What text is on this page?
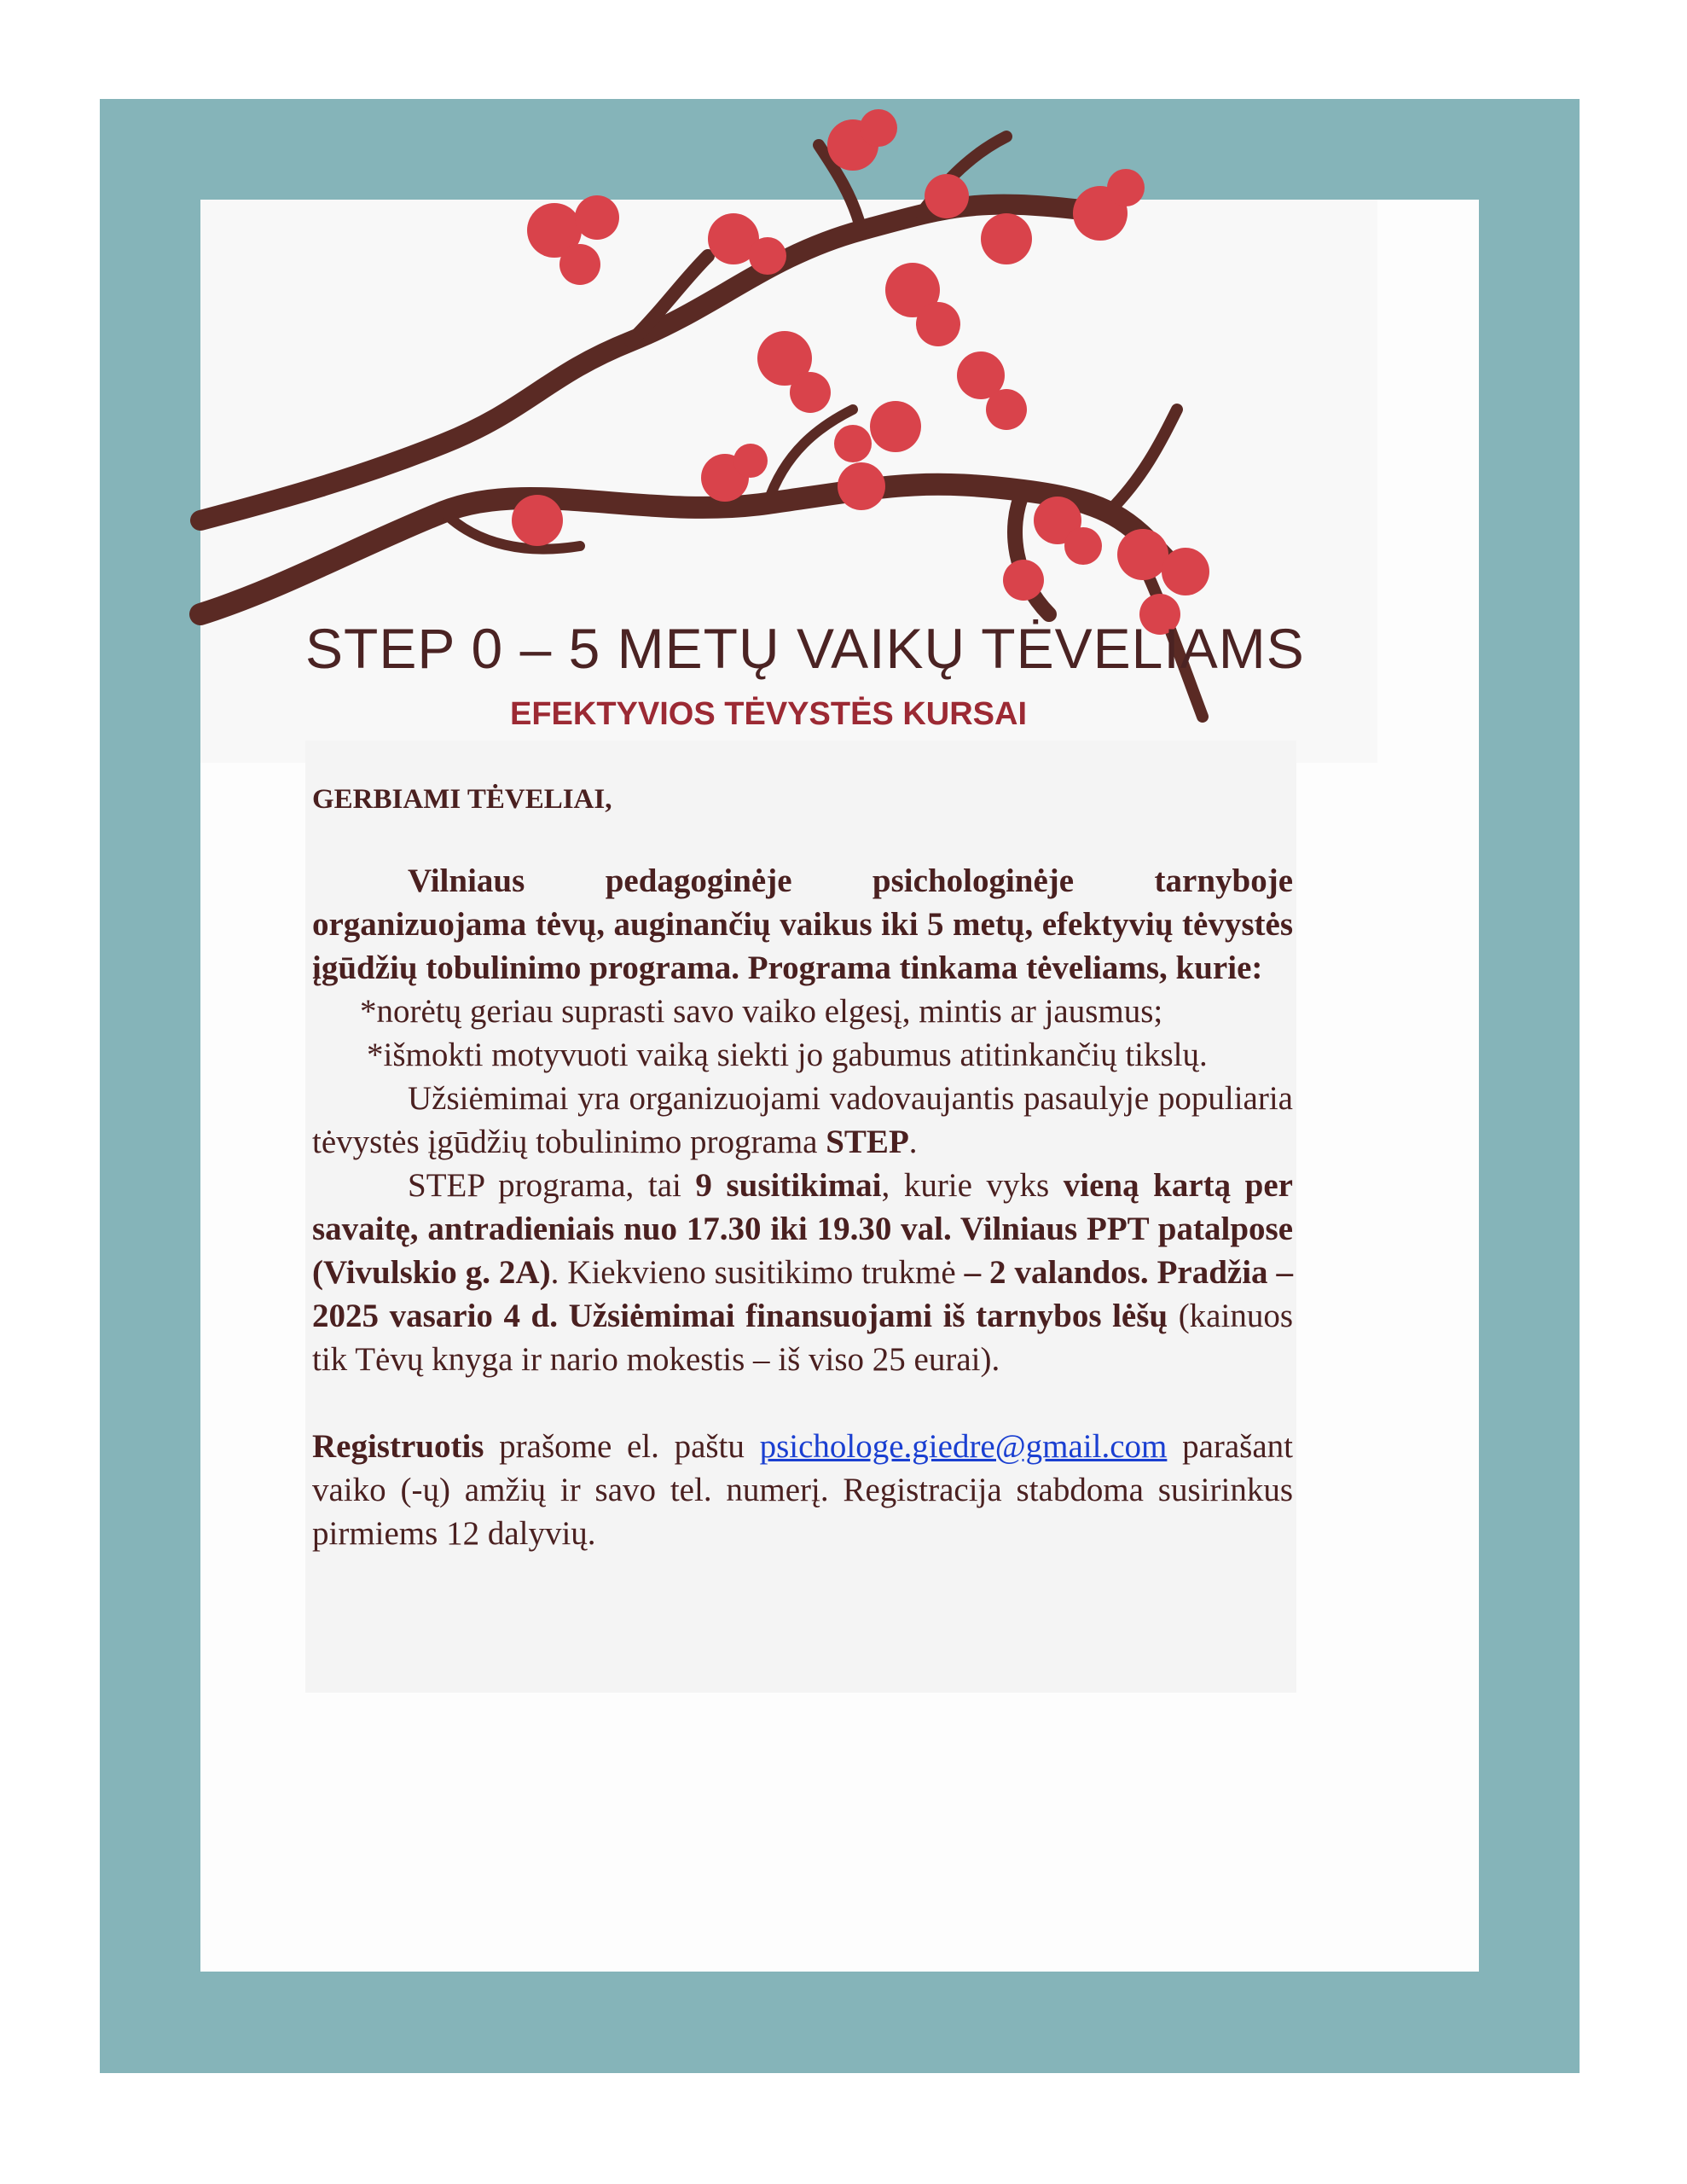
STEP 0 – 5 METŲ VAIKŲ TĖVELIAMS
EFEKTYVIOS TĖVYSTĖS KURSAI
GERBIAMI TĖVELIAI,

Vilniaus pedagoginėje psichologinėje tarnyboje organizuojama tėvų, auginančių vaikus iki 5 metų, efektyvių tėvystės įgūdžių tobulinimo programa. Programa tinkama tėveliams, kurie:

*norėtų geriau suprasti savo vaiko elgesį, mintis ar jausmus;

*išmokti motyvuoti vaiką siekti jo gabumus atitinkančių tikslų.

Užsiėmimai yra organizuojami vadovaujantis pasaulyje populiaria tėvystės įgūdžių tobulinimo programa STEP.

STEP programa, tai 9 susitikimai, kurie vyks vieną kartą per savaitę, antradieniais nuo 17.30 iki 19.30 val. Vilniaus PPT patalpose (Vivulskio g. 2A). Kiekvieno susitikimo trukmė – 2 valandos. Pradžia – 2025 vasario 4 d. Užsiėmimai finansuojami iš tarnybos lėšų (kainuos tik Tėvų knyga ir nario mokestis – iš viso 25 eurai).

Registruotis prašome el. paštu psichologe.giedre@gmail.com parašant vaiko (-ų) amžių ir savo tel. numerį. Registracija stabdoma susirinkus pirmiems 12 dalyvių.
